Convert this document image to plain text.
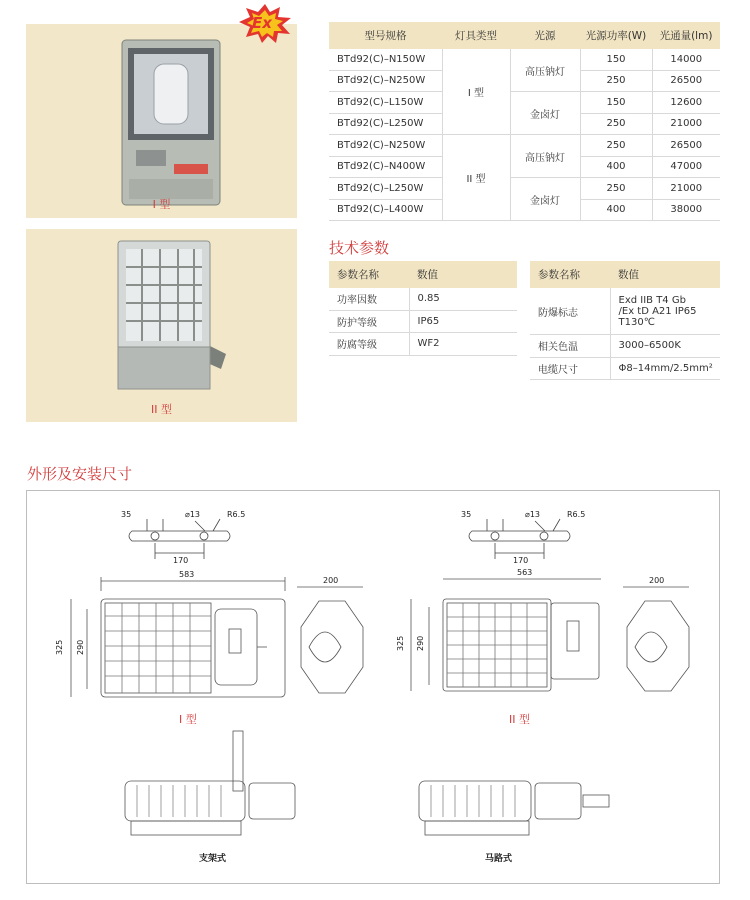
I 型
Ex
II 型
型号规格	灯具类型	光源	光源功率(W)	光通量(lm)
BTd92(C)–N150W	I 型	高压钠灯	150	14000
BTd92(C)–N250W			250	26500
BTd92(C)–L150W		金卤灯	150	12600
BTd92(C)–L250W			250	21000
BTd92(C)–N250W	II 型	高压钠灯	250	26500
BTd92(C)–N400W			400	47000
BTd92(C)–L250W		金卤灯	250	21000
BTd92(C)–L400W			400	38000
技术参数
参数名称	数值
功率因数	0.85
防护等级	IP65
防腐等级	WF2
参数名称	数值
防爆标志	Exd IIB T4 Gb
/Ex tD A21 IP65
T130℃

相关色温	3000–6500K
电缆尺寸	Φ8–14mm/2.5mm²
外形及安装尺寸
35	⌀13	R6.5
170
583
325 290
200
I 型
35	⌀13	R6.5
170
563
325 290
200
II 型
支架式	马路式
